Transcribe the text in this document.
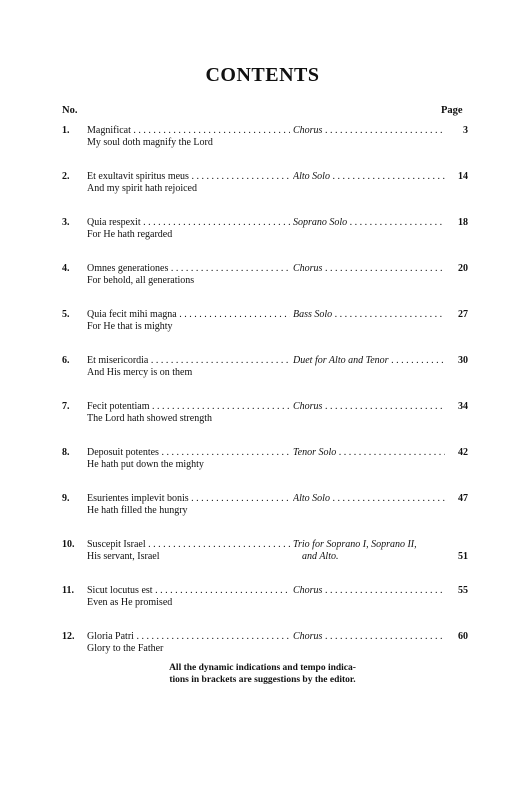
CONTENTS
No.	Page
1.	Magnificat . . .	Chorus . . .	3
My soul doth magnify the Lord
2.	Et exultavit spiritus meus . . .	Alto Solo . . .	14
And my spirit hath rejoiced
3.	Quia respexit . . .	Soprano Solo . . .	18
For He hath regarded
4.	Omnes generationes . . .	Chorus . . .	20
For behold, all generations
5.	Quia fecit mihi magna . . .	Bass Solo . . .	27
For He that is mighty
6.	Et misericordia . . .	Duet for Alto and Tenor . . .	30
And His mercy is on them
7.	Fecit potentiam . . .	Chorus . . .	34
The Lord hath showed strength
8.	Deposuit potentes . . .	Tenor Solo . . .	42
He hath put down the mighty
9.	Esurientes implevit bonis . . .	Alto Solo . . .	47
He hath filled the hungry
10.	Suscepit Israel . . .	Trio for Soprano I, Soprano II,
and Alto.	51
His servant, Israel
11.	Sicut locutus est . . .	Chorus . . .	55
Even as He promised
12.	Gloria Patri . . .	Chorus . . .	60
Glory to the Father
All the dynamic indications and tempo indica-
tions in brackets are suggestions by the editor.
